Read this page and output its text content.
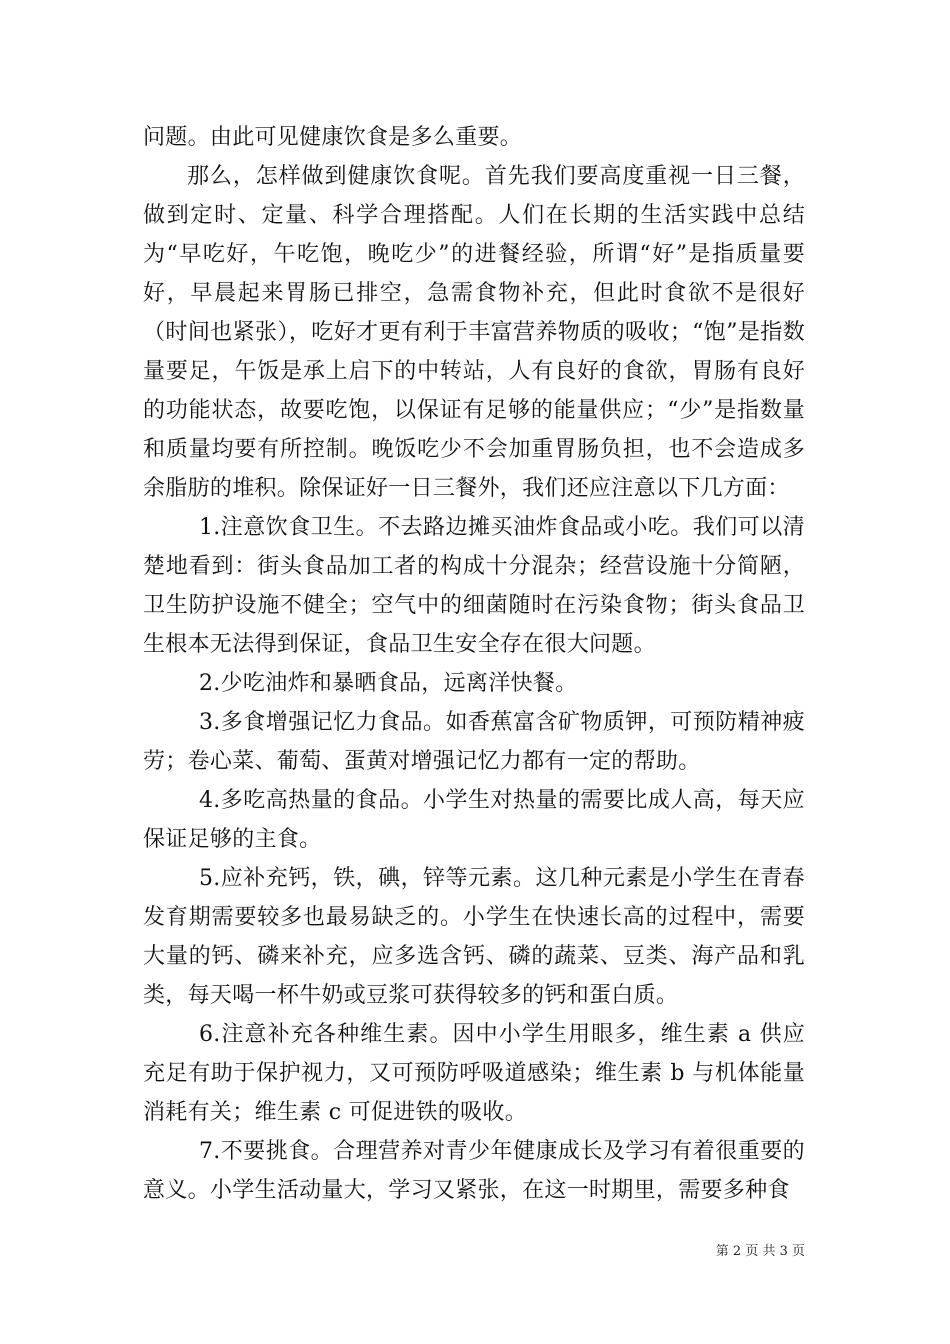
问题。由此可见健康饮食是多么重要。

那么，怎样做到健康饮食呢。首先我们要高度重视一日三餐，做到定时、定量、科学合理搭配。人们在长期的生活实践中总结为“早吃好，午吃饱，晚吃少”的进餐经验，所谓“好”是指质量要好，早晨起来胃肠已排空，急需食物补充，但此时食欲不是很好（时间也紧张），吃好才更有利于丰富营养物质的吸收；“饱”是指数量要足，午饭是承上启下的中转站，人有良好的食欲，胃肠有良好的功能状态，故要吃饱，以保证有足够的能量供应；“少”是指数量和质量均要有所控制。晚饭吃少不会加重胃肠负担，也不会造成多余脂肪的堆积。除保证好一日三餐外，我们还应注意以下几方面：

1.注意饮食卫生。不去路边摊买油炸食品或小吃。我们可以清楚地看到：街头食品加工者的构成十分混杂；经营设施十分简陋，卫生防护设施不健全；空气中的细菌随时在污染食物；街头食品卫生根本无法得到保证，食品卫生安全存在很大问题。

2.少吃油炸和暴晒食品，远离洋快餐。

3.多食增强记忆力食品。如香蕉富含矿物质钾，可预防精神疲劳；卷心菜、葡萄、蛋黄对增强记忆力都有一定的帮助。

4.多吃高热量的食品。小学生对热量的需要比成人高，每天应保证足够的主食。

5.应补充钙，铁，碘，锌等元素。这几种元素是小学生在青春发育期需要较多也最易缺乏的。小学生在快速长高的过程中，需要大量的钙、磷来补充，应多选含钙、磷的蔬菜、豆类、海产品和乳类，每天喝一杯牛奶或豆浆可获得较多的钙和蛋白质。

6.注意补充各种维生素。因中小学生用眼多，维生素 a 供应充足有助于保护视力，又可预防呼吸道感染；维生素 b 与机体能量消耗有关；维生素 c 可促进铁的吸收。

7.不要挑食。合理营养对青少年健康成长及学习有着很重要的意义。小学生活动量大，学习又紧张，在这一时期里，需要多种食

第 2 页 共 3 页
